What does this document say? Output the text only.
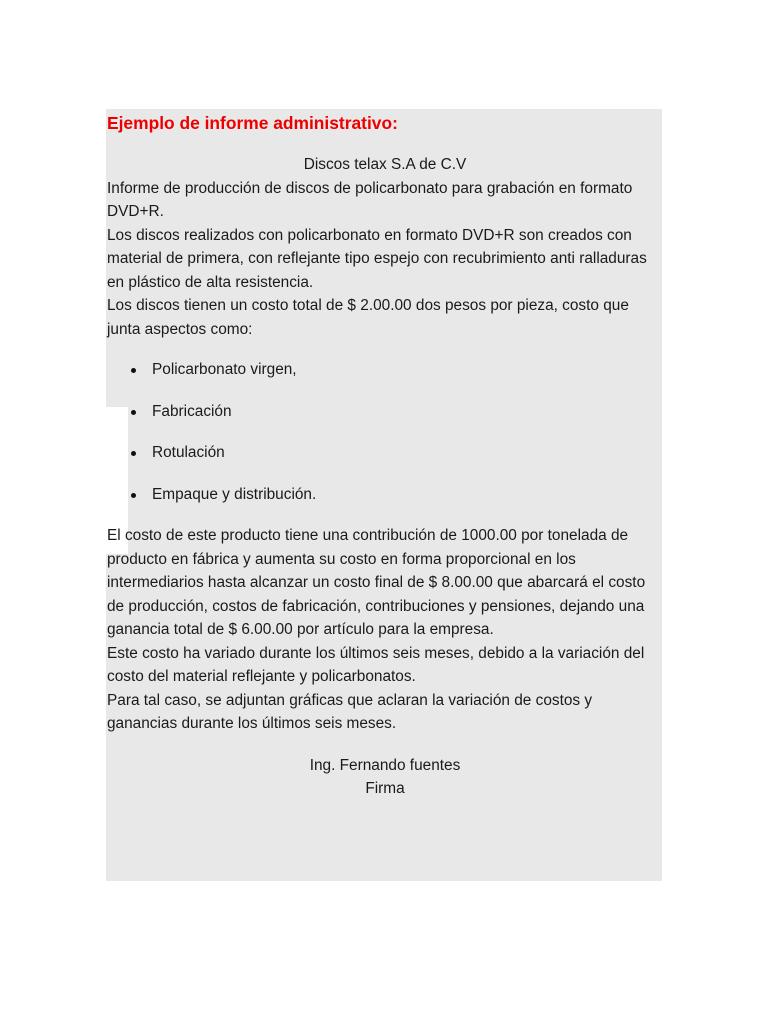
Ejemplo de informe administrativo:
Discos telax S.A de C.V

Informe de producción de discos de policarbonato para grabación en formato DVD+R.

Los discos realizados con policarbonato en formato DVD+R son creados con material de primera, con reflejante tipo espejo con recubrimiento anti ralladuras en plástico de alta resistencia.

Los discos tienen un costo total de $ 2.00.00 dos pesos por pieza, costo que junta aspectos como:

Policarbonato virgen,
Fabricación
Rotulación
Empaque y distribución.

El costo de este producto tiene una contribución de 1000.00 por tonelada de producto en fábrica y aumenta su costo en forma proporcional en los intermediarios hasta alcanzar un costo final de $ 8.00.00 que abarcará el costo de producción, costos de fabricación, contribuciones y pensiones, dejando una ganancia total de $ 6.00.00 por artículo para la empresa.

Este costo ha variado durante los últimos seis meses, debido a la variación del costo del material reflejante y policarbonatos.

Para tal caso, se adjuntan gráficas que aclaran la variación de costos y ganancias durante los últimos seis meses.

Ing. Fernando fuentes
Firma
